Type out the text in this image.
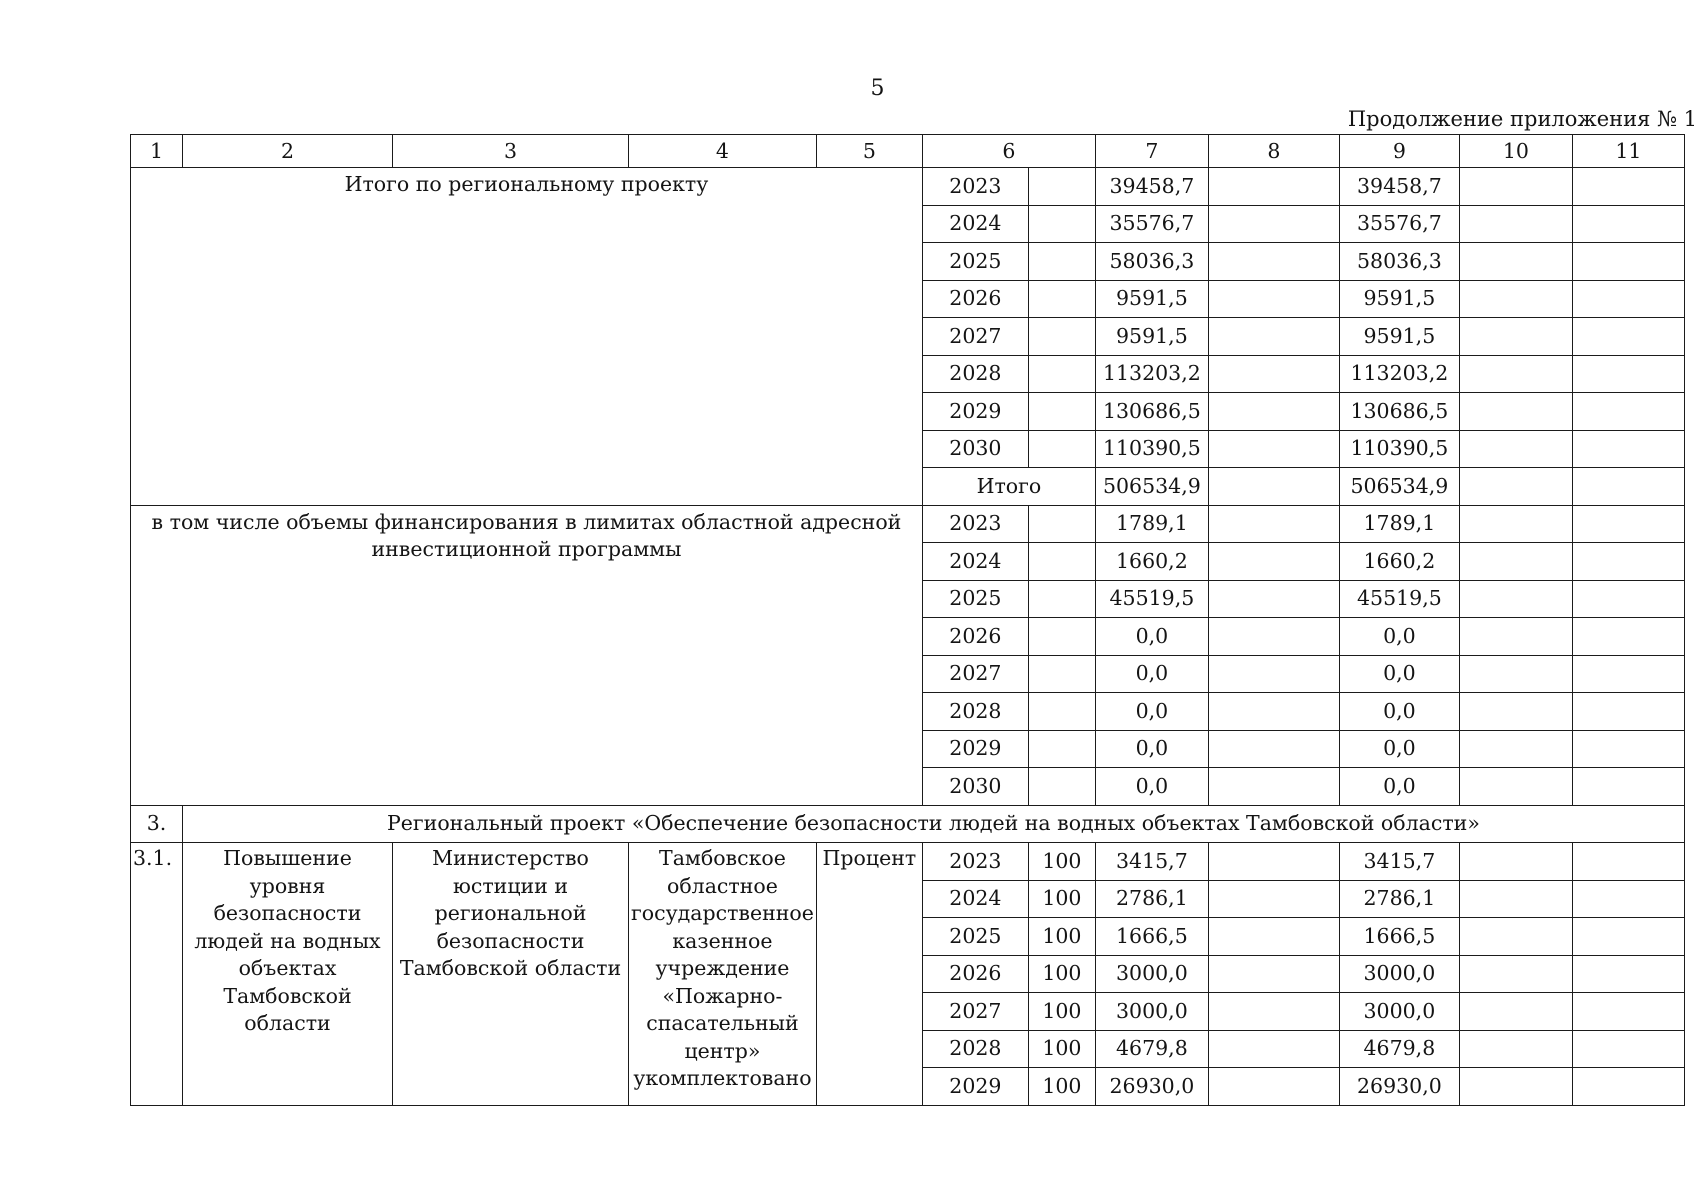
5
Продолжение приложения № 1
1	2	3	4	5	6		7	8	9	10	11
Итого по региональному проекту					2023		39458,7		39458,7		
					2024		35576,7		35576,7		
					2025		58036,3		58036,3		
					2026		9591,5		9591,5		
					2027		9591,5		9591,5		
					2028		113203,2		113203,2		
					2029		130686,5		130686,5		
					2030		110390,5		110390,5		
					Итого		506534,9		506534,9		
в том числе объемы финансирования в лимитах областной адресной инвестиционной программы					2023		1789,1		1789,1		
					2024		1660,2		1660,2		
					2025		45519,5		45519,5		
					2026		0,0		0,0		
					2027		0,0		0,0		
					2028		0,0		0,0		
					2029		0,0		0,0		
					2030		0,0		0,0		
3.	Региональный проект «Обеспечение безопасности людей на водных объектах Тамбовской области»										
3.1.	Повышение уровня безопасности людей на водных объектах Тамбовской области	Министерство юстиции и региональной безопасности Тамбовской области	Тамбовское областное государственное казенное учреждение «Пожарно-спасательный центр» укомплектовано	Процент	2023	100	3415,7		3415,7		
					2024	100	2786,1		2786,1		
					2025	100	1666,5		1666,5		
					2026	100	3000,0		3000,0		
					2027	100	3000,0		3000,0		
					2028	100	4679,8		4679,8		
					2029	100	26930,0		26930,0		
